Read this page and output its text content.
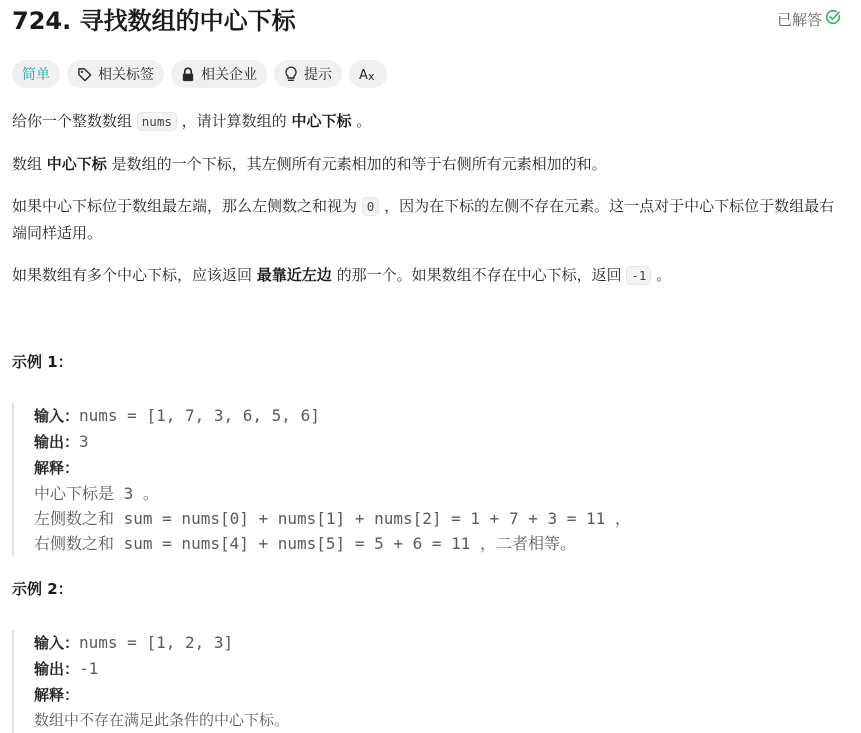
724. 寻找数组的中心下标	已解答
简单	相关标签	相关企业	提示 A x

给你一个整数数组 nums ，请计算数组的 中心下标 。

数组 中心下标 是数组的一个下标，其左侧所有元素相加的和等于右侧所有元素相加的和。

如果中心下标位于数组最左端，那么左侧数之和视为 0 ，因为在下标的左侧不存在元素。这一点对于中心下标位于数组最右端同样适用。

如果数组有多个中心下标，应该返回 最靠近左边 的那一个。如果数组不存在中心下标，返回 -1 。

示例 1：

输入：nums = [1, 7, 3, 6, 5, 6]
输出：3
解释：
中心下标是 3 。
左侧数之和 sum = nums[0] + nums[1] + nums[2] = 1 + 7 + 3 = 11 ，
右侧数之和 sum = nums[4] + nums[5] = 5 + 6 = 11 ，二者相等。

示例 2：

输入：nums = [1, 2, 3]
输出：-1
解释：
数组中不存在满足此条件的中心下标。
